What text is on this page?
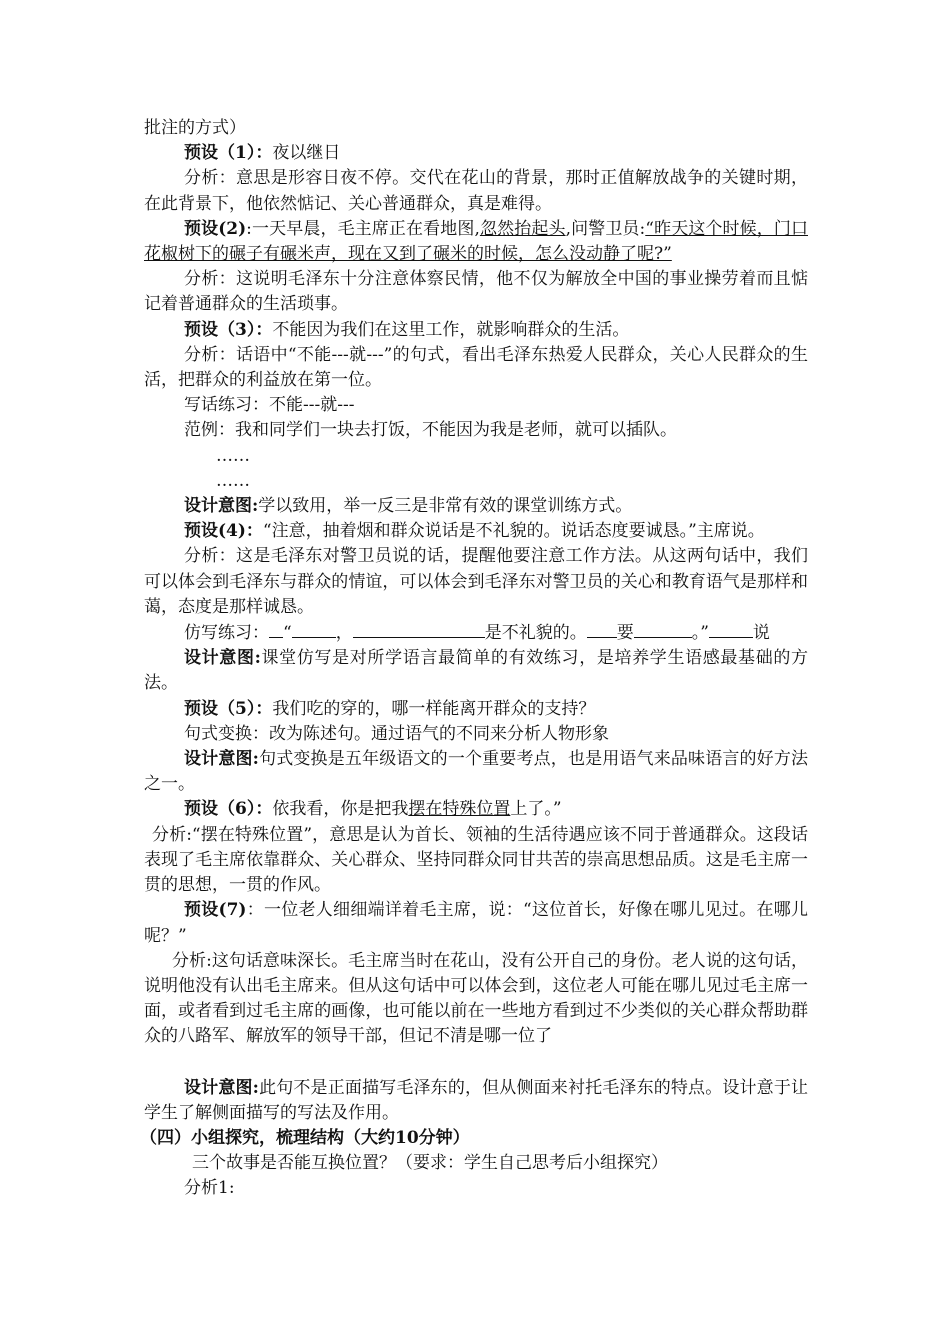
批注的方式）

预设（1）：夜以继日

分析：意思是形容日夜不停。交代在花山的背景，那时正值解放战争的关键时期，在此背景下，他依然惦记、关心普通群众，真是难得。

预设(2):一天早晨，毛主席正在看地图,忽然抬起头,问警卫员:“昨天这个时候，门口花椒树下的碾子有碾米声，现在又到了碾米的时候，怎么没动静了呢?”

分析：这说明毛泽东十分注意体察民情，他不仅为解放全中国的事业操劳着而且惦记着普通群众的生活琐事。

预设（3）：不能因为我们在这里工作，就影响群众的生活。

分析：话语中“不能---就---”的句式，看出毛泽东热爱人民群众，关心人民群众的生活，把群众的利益放在第一位。

写话练习：不能---就---

范例：我和同学们一块去打饭，不能因为我是老师，就可以插队。

……

……

设计意图:学以致用，举一反三是非常有效的课堂训练方式。

预设(4)：“注意，抽着烟和群众说话是不礼貌的。说话态度要诚恳。”主席说。

分析：这是毛泽东对警卫员说的话，提醒他要注意工作方法。从这两句话中，我们可以体会到毛泽东与群众的情谊，可以体会到毛泽东对警卫员的关心和教育语气是那样和蔼，态度是那样诚恳。

仿写练习： “	，	是不礼貌的。 要	。”	说

设计意图:课堂仿写是对所学语言最简单的有效练习，是培养学生语感最基础的方法。

预设（5）：我们吃的穿的，哪一样能离开群众的支持？

句式变换：改为陈述句。通过语气的不同来分析人物形象

设计意图:句式变换是五年级语文的一个重要考点，也是用语气来品味语言的好方法之一。

预设（6）：依我看，你是把我摆在特殊位置上了。”

分析:“摆在特殊位置”，意思是认为首长、领袖的生活待遇应该不同于普通群众。这段话表现了毛主席依靠群众、关心群众、坚持同群众同甘共苦的崇高思想品质。这是毛主席一贯的思想，一贯的作风。

预设(7)：一位老人细细端详着毛主席，说：“这位首长，好像在哪儿见过。在哪儿呢？”

分析:这句话意味深长。毛主席当时在花山，没有公开自己的身份。老人说的这句话，说明他没有认出毛主席来。但从这句话中可以体会到，这位老人可能在哪儿见过毛主席一面，或者看到过毛主席的画像，也可能以前在一些地方看到过不少类似的关心群众帮助群众的八路军、解放军的领导干部，但记不清是哪一位了

设计意图:此句不是正面描写毛泽东的，但从侧面来衬托毛泽东的特点。设计意于让学生了解侧面描写的写法及作用。

（四）小组探究，梳理结构（大约10分钟）

三个故事是否能互换位置？（要求：学生自己思考后小组探究）

分析1:
